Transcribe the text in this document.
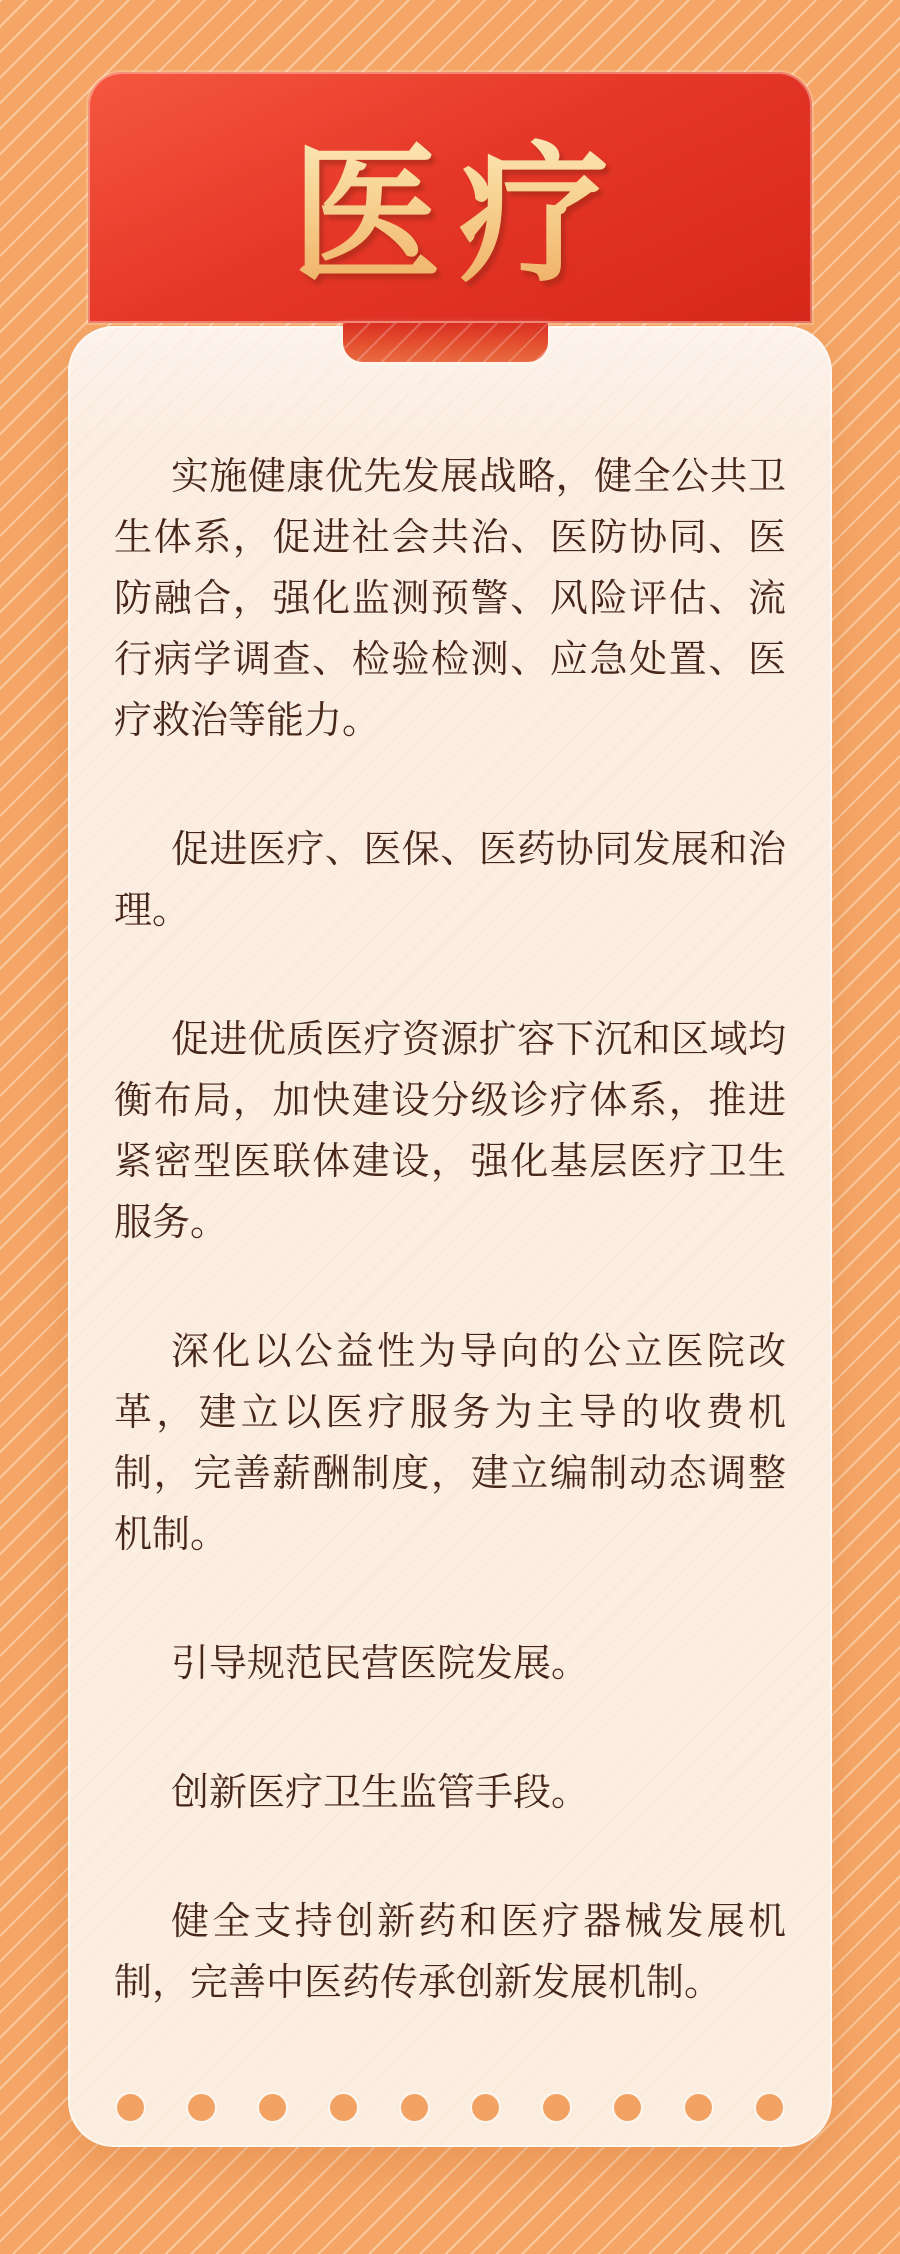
医疗

实施健康优先发展战略，健全公共卫生体系，促进社会共治、医防协同、医防融合，强化监测预警、风险评估、流行病学调查、检验检测、应急处置、医疗救治等能力。

促进医疗、医保、医药协同发展和治理。

促进优质医疗资源扩容下沉和区域均衡布局，加快建设分级诊疗体系，推进紧密型医联体建设，强化基层医疗卫生服务。

深化以公益性为导向的公立医院改革，建立以医疗服务为主导的收费机制，完善薪酬制度，建立编制动态调整机制。

引导规范民营医院发展。

创新医疗卫生监管手段。

健全支持创新药和医疗器械发展机制，完善中医药传承创新发展机制。
